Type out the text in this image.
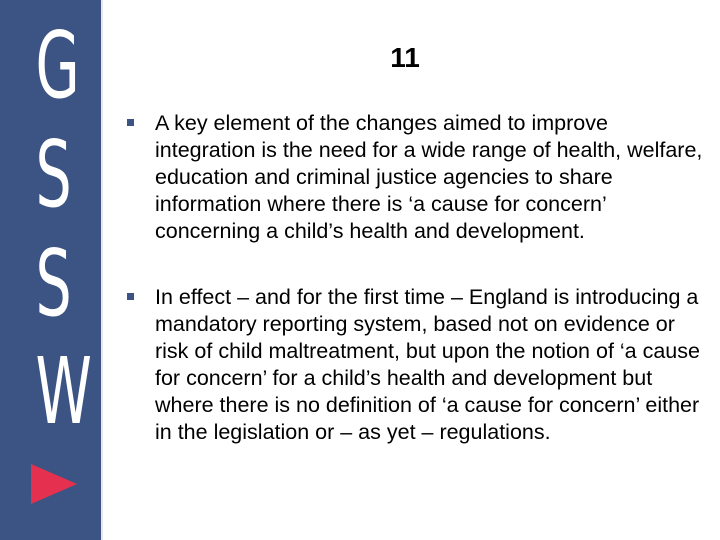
G
S
S
W
11
A key element of the changes aimed to improve integration is the need for a wide range of health, welfare, education and criminal justice agencies to share information where there is ‘a cause for concern’ concerning a child’s health and development.
In effect – and for the first time – England is introducing a mandatory reporting system, based not on evidence or risk of child maltreatment, but upon the notion of ‘a cause for concern’ for a child’s health and development but where there is no definition of ‘a cause for concern’ either in the legislation or – as yet – regulations.
